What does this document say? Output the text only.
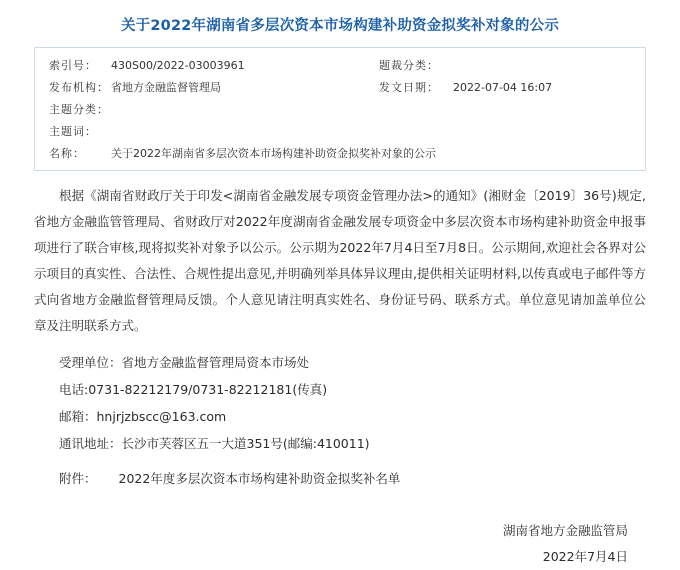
关于2022年湖南省多层次资本市场构建补助资金拟奖补对象的公示
索引号：	430S00/2022-03003961	题裁分类：
发布机构： 省地方金融监督管理局	发文日期：	2022-07-04 16:07
主题分类：
主题词：
名称：	关于2022年湖南省多层次资本市场构建补助资金拟奖补对象的公示

根据《湖南省财政厅关于印发<湖南省金融发展专项资金管理办法>的通知》(湘财金〔2019〕36号)规定,省地方金融监管管理局、省财政厅对2022年度湖南省金融发展专项资金中多层次资本市场构建补助资金申报事项进行了联合审核,现将拟奖补对象予以公示。公示期为2022年7月4日至7月8日。公示期间,欢迎社会各界对公示项目的真实性、合法性、合规性提出意见,并明确列举具体异议理由,提供相关证明材料,以传真或电子邮件等方式向省地方金融监督管理局反馈。个人意见请注明真实姓名、身份证号码、联系方式。单位意见请加盖单位公章及注明联系方式。

受理单位：省地方金融监督管理局资本市场处

电话:0731-82212179/0731-82212181(传真)

邮箱：hnjrjzbscc@163.com

通讯地址：长沙市芙蓉区五一大道351号(邮编:410011)

附件： 2022年度多层次资本市场构建补助资金拟奖补名单

湖南省地方金融监管局
2022年7月4日
